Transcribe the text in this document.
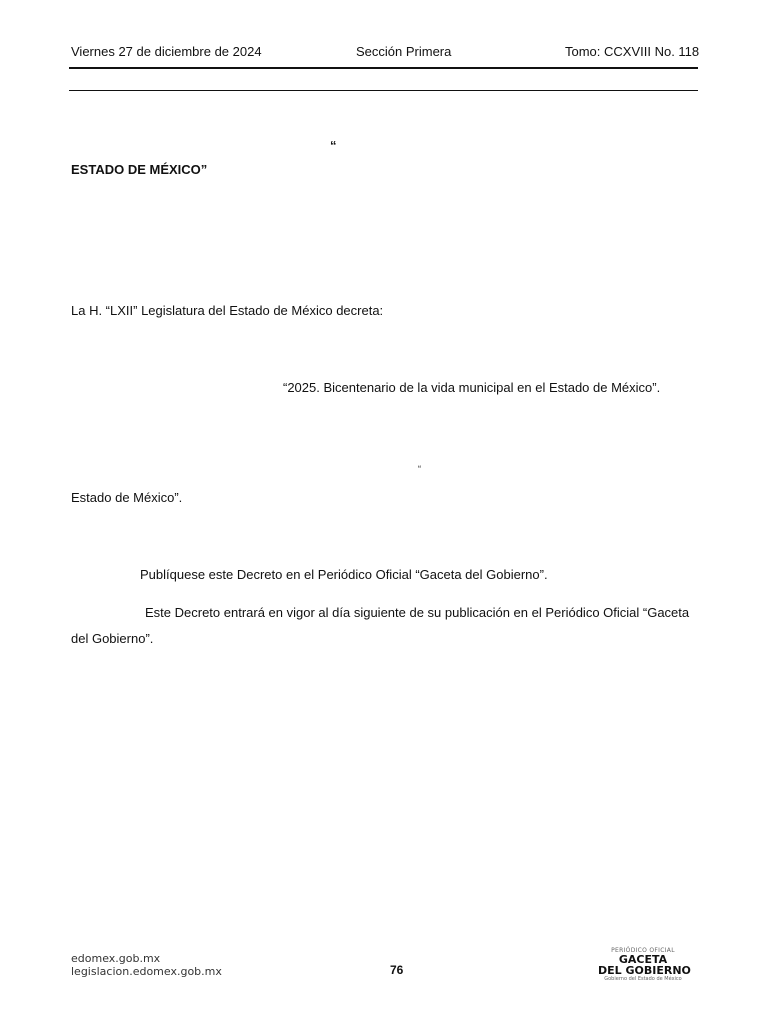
Viernes 27 de diciembre de 2024	Sección Primera	Tomo: CCXVIII No. 118
“
ESTADO DE MÉXICO”
La H. “LXII” Legislatura del Estado de México decreta:
“2025. Bicentenario de la vida municipal en el Estado de México”.
“
Estado de México”.
Publíquese este Decreto en el Periódico Oficial “Gaceta del Gobierno”.
Este Decreto entrará en vigor al día siguiente de su publicación en el Periódico Oficial “Gaceta
del Gobierno”.
edomex.gob.mx
legislacion.edomex.gob.mx	76
PERIÓDICO OFICIAL
GACETA
DEL GOBIERNO
Gobierno del Estado de México
